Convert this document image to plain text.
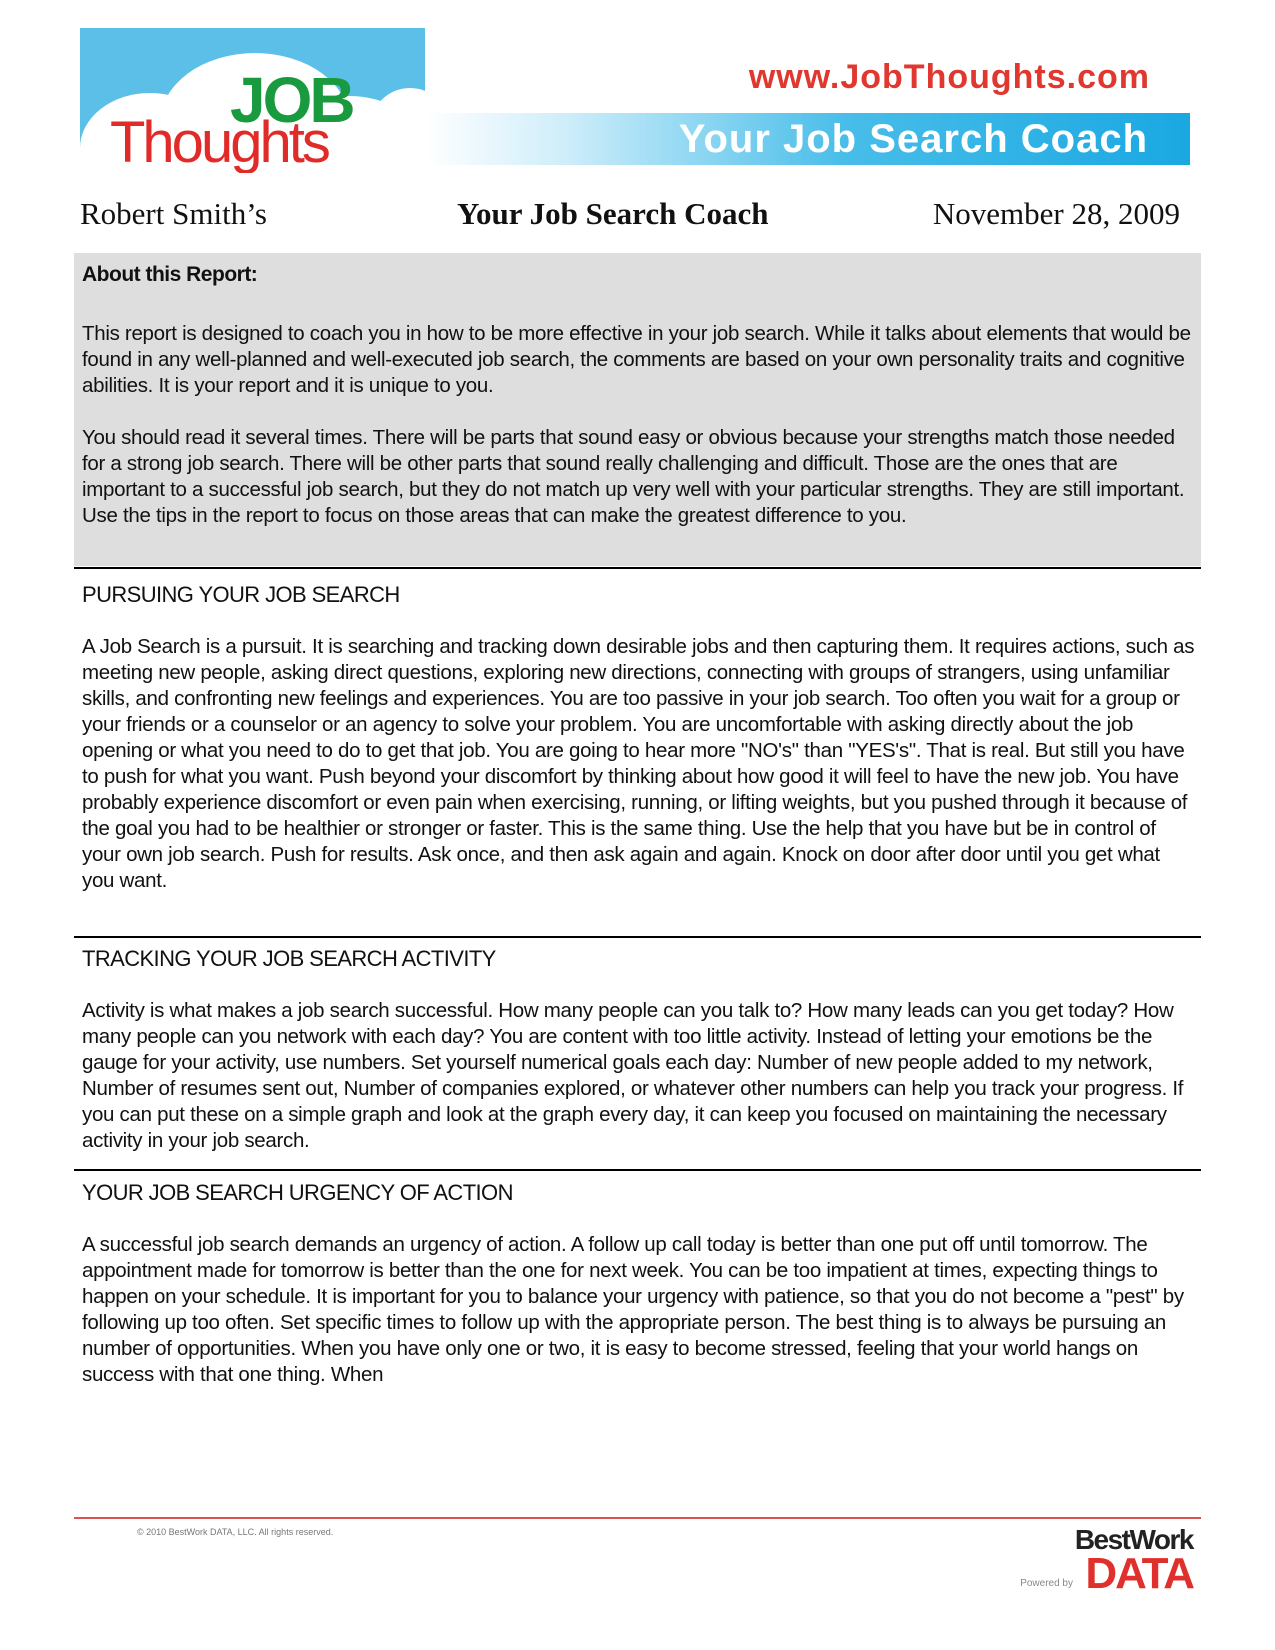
JOB
Thoughts
www.JobThoughts.com
Your Job Search Coach
Robert Smith’s	Your Job Search Coach	November 28, 2009
About this Report:

This report is designed to coach you in how to be more effective in your job search. While it talks about elements that would be found in any well-planned and well-executed job search, the comments are based on your own personality traits and cognitive abilities. It is your report and it is unique to you.

You should read it several times. There will be parts that sound easy or obvious because your strengths match those needed for a strong job search. There will be other parts that sound really challenging and difficult. Those are the ones that are important to a successful job search, but they do not match up very well with your particular strengths. They are still important. Use the tips in the report to focus on those areas that can make the greatest difference to you.

PURSUING YOUR JOB SEARCH

A Job Search is a pursuit. It is searching and tracking down desirable jobs and then capturing them. It requires actions, such as meeting new people, asking direct questions, exploring new directions, connecting with groups of strangers, using unfamiliar skills, and confronting new feelings and experiences. You are too passive in your job search. Too often you wait for a group or your friends or a counselor or an agency to solve your problem. You are uncomfortable with asking directly about the job opening or what you need to do to get that job. You are going to hear more "NO's" than "YES's". That is real. But still you have to push for what you want. Push beyond your discomfort by thinking about how good it will feel to have the new job. You have probably experience discomfort or even pain when exercising, running, or lifting weights, but you pushed through it because of the goal you had to be healthier or stronger or faster. This is the same thing. Use the help that you have but be in control of your own job search. Push for results. Ask once, and then ask again and again. Knock on door after door until you get what you want.

TRACKING YOUR JOB SEARCH ACTIVITY

Activity is what makes a job search successful. How many people can you talk to? How many leads can you get today? How many people can you network with each day? You are content with too little activity. Instead of letting your emotions be the gauge for your activity, use numbers. Set yourself numerical goals each day: Number of new people added to my network, Number of resumes sent out, Number of companies explored, or whatever other numbers can help you track your progress. If you can put these on a simple graph and look at the graph every day, it can keep you focused on maintaining the necessary activity in your job search.

YOUR JOB SEARCH URGENCY OF ACTION

A successful job search demands an urgency of action. A follow up call today is better than one put off until tomorrow. The appointment made for tomorrow is better than the one for next week. You can be too impatient at times, expecting things to happen on your schedule. It is important for you to balance your urgency with patience, so that you do not become a "pest" by following up too often. Set specific times to follow up with the appropriate person. The best thing is to always be pursuing an number of opportunities. When you have only one or two, it is easy to become stressed, feeling that your world hangs on success with that one thing. When

© 2010 BestWork DATA, LLC. All rights reserved.	BestWork
DATA
Powered by
